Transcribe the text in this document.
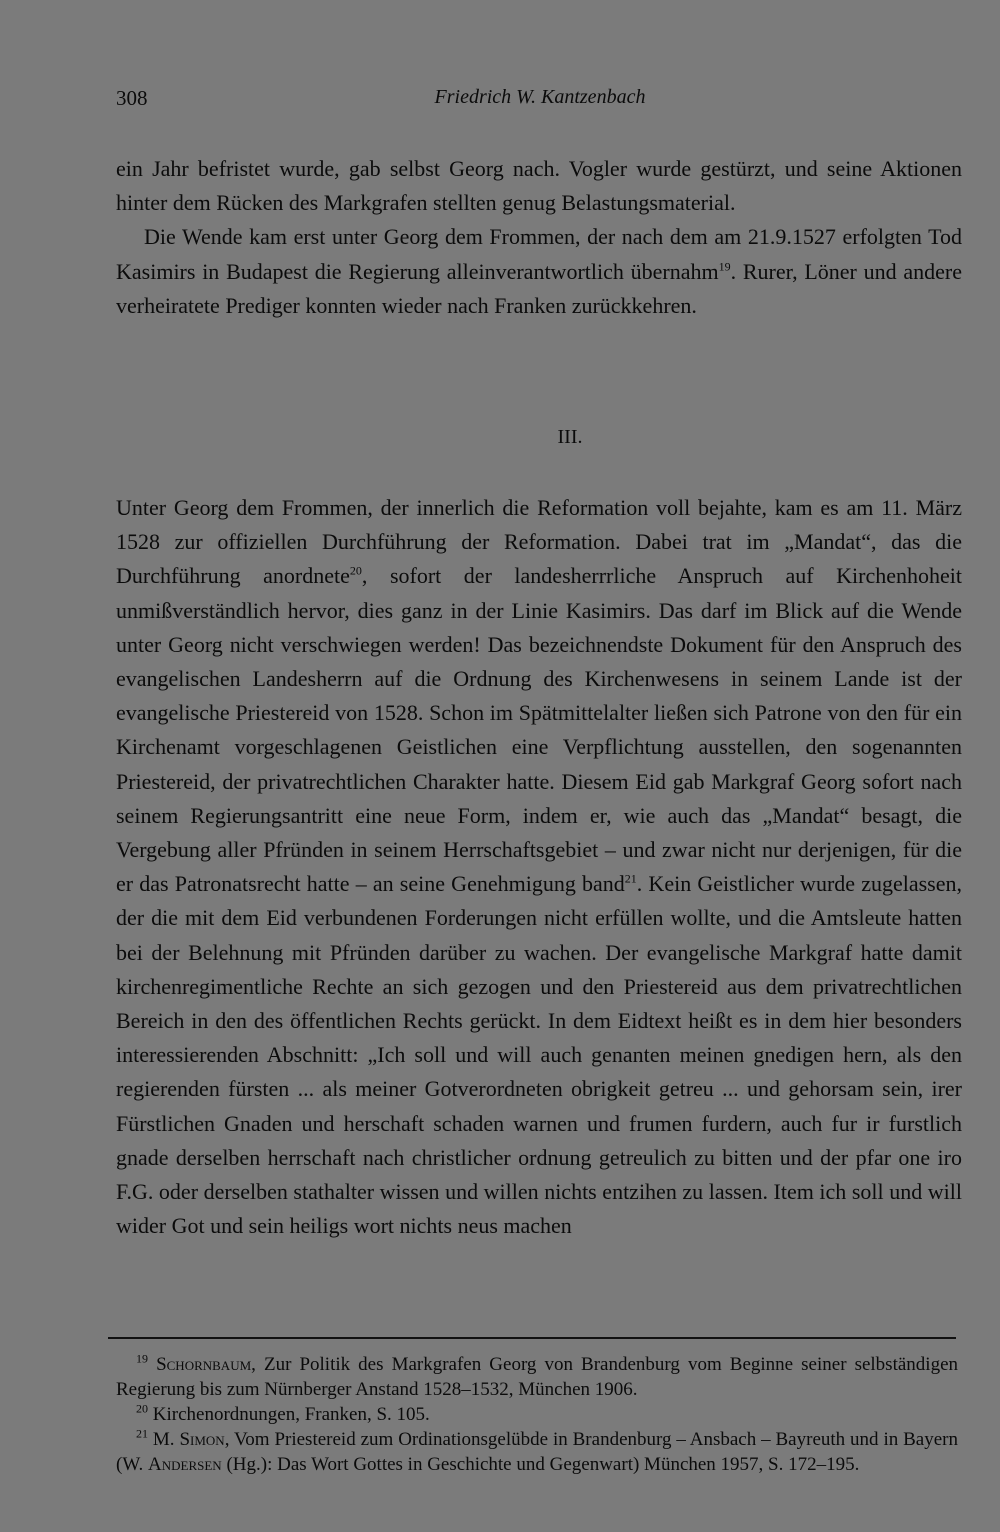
308	Friedrich W. Kantzenbach

ein Jahr befristet wurde, gab selbst Georg nach. Vogler wurde gestürzt, und seine Aktionen hinter dem Rücken des Markgrafen stellten genug Belastungsmaterial.

Die Wende kam erst unter Georg dem Frommen, der nach dem am 21.9.1527 erfolgten Tod Kasimirs in Budapest die Regierung alleinverantwortlich übernahm$^{19}$. Rurer, Löner und andere verheiratete Prediger konnten wieder nach Franken zurückkehren.

III.

Unter Georg dem Frommen, der innerlich die Reformation voll bejahte, kam es am 11. März 1528 zur offiziellen Durchführung der Reformation. Dabei trat im „Mandat“, das die Durchführung anordnete$^{20}$, sofort der landesherrrliche Anspruch auf Kirchenhoheit unmißverständlich hervor, dies ganz in der Linie Kasimirs. Das darf im Blick auf die Wende unter Georg nicht verschwiegen werden! Das bezeichnendste Dokument für den Anspruch des evangelischen Landesherrn auf die Ordnung des Kirchenwesens in seinem Lande ist der evangelische Priestereid von 1528. Schon im Spätmittelalter ließen sich Patrone von den für ein Kirchenamt vorgeschlagenen Geistlichen eine Verpflichtung ausstellen, den sogenannten Priestereid, der privatrechtlichen Charakter hatte. Diesem Eid gab Markgraf Georg sofort nach seinem Regierungsantritt eine neue Form, indem er, wie auch das „Mandat“ besagt, die Vergebung aller Pfründen in seinem Herrschaftsgebiet – und zwar nicht nur derjenigen, für die er das Patronatsrecht hatte – an seine Genehmigung band$^{21}$. Kein Geistlicher wurde zugelassen, der die mit dem Eid verbundenen Forderungen nicht erfüllen wollte, und die Amtsleute hatten bei der Belehnung mit Pfründen darüber zu wachen. Der evangelische Markgraf hatte damit kirchenregimentliche Rechte an sich gezogen und den Priestereid aus dem privatrechtlichen Bereich in den des öffentlichen Rechts gerückt. In dem Eidtext heißt es in dem hier besonders interessierenden Abschnitt: „Ich soll und will auch genanten meinen gnedigen hern, als den regierenden fürsten ... als meiner Gotverordneten obrigkeit getreu ... und gehorsam sein, irer Fürstlichen Gnaden und herschaft schaden warnen und frumen furdern, auch fur ir furstlich gnade derselben herrschaft nach christlicher ordnung getreulich zu bitten und der pfar one iro F.G. oder derselben stathalter wissen und willen nichts entzihen zu lassen. Item ich soll und will wider Got und sein heiligs wort nichts neus machen

$^{19}$ Schornbaum, Zur Politik des Markgrafen Georg von Brandenburg vom Beginne seiner selbständigen Regierung bis zum Nürnberger Anstand 1528–1532, München 1906.

$^{20}$ Kirchenordnungen, Franken, S. 105.

$^{21}$ M. Simon, Vom Priestereid zum Ordinationsgelübde in Brandenburg – Ansbach – Bayreuth und in Bayern (W. Andersen (Hg.): Das Wort Gottes in Geschichte und Gegenwart) München 1957, S. 172–195.
